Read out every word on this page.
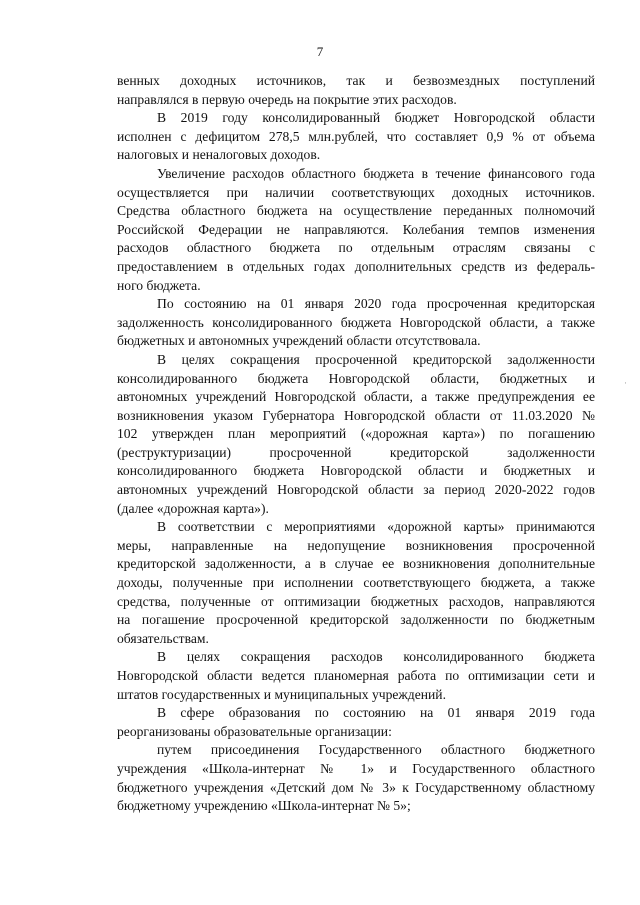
7
·
венных доходных источников, так и безвозмездных поступлений
направлялся в первую очередь на покрытие этих расходов.
В 2019 году консолидированный бюджет Новгородской области
исполнен с дефицитом 278,5 млн.рублей, что составляет 0,9 % от объема
налоговых и неналоговых доходов.
Увеличение расходов областного бюджета в течение финансового года
осуществляется при наличии соответствующих доходных источников.
Средства областного бюджета на осуществление переданных полномочий
Российской Федерации не направляются. Колебания темпов изменения
расходов областного бюджета по отдельным отраслям связаны с
предоставлением в отдельных годах дополнительных средств из федераль-
ного бюджета.
По состоянию на 01 января 2020 года просроченная кредиторская
задолженность консолидированного бюджета Новгородской области, а также
бюджетных и автономных учреждений области отсутствовала.
В целях сокращения просроченной кредиторской задолженности
консолидированного бюджета Новгородской области, бюджетных и
автономных учреждений Новгородской области, а также предупреждения ее
возникновения указом Губернатора Новгородской области от 11.03.2020 №
102 утвержден план мероприятий («дорожная карта») по погашению
(реструктуризации) просроченной кредиторской задолженности
консолидированного бюджета Новгородской области и бюджетных и
автономных учреждений Новгородской области за период 2020-2022 годов
(далее «дорожная карта»).
В соответствии с мероприятиями «дорожной карты» принимаются
меры, направленные на недопущение возникновения просроченной
кредиторской задолженности, а в случае ее возникновения дополнительные
доходы, полученные при исполнении соответствующего бюджета, а также
средства, полученные от оптимизации бюджетных расходов, направляются
на погашение просроченной кредиторской задолженности по бюджетным
обязательствам.
В целях сокращения расходов консолидированного бюджета
Новгородской области ведется планомерная работа по оптимизации сети и
штатов государственных и муниципальных учреждений.
В сфере образования по состоянию на 01 января 2019 года
реорганизованы образовательные организации:
путем присоединения Государственного областного бюджетного
учреждения «Школа-интернат № 1» и Государственного областного
бюджетного учреждения «Детский дом № 3» к Государственному областному
бюджетному учреждению «Школа-интернат № 5»;
